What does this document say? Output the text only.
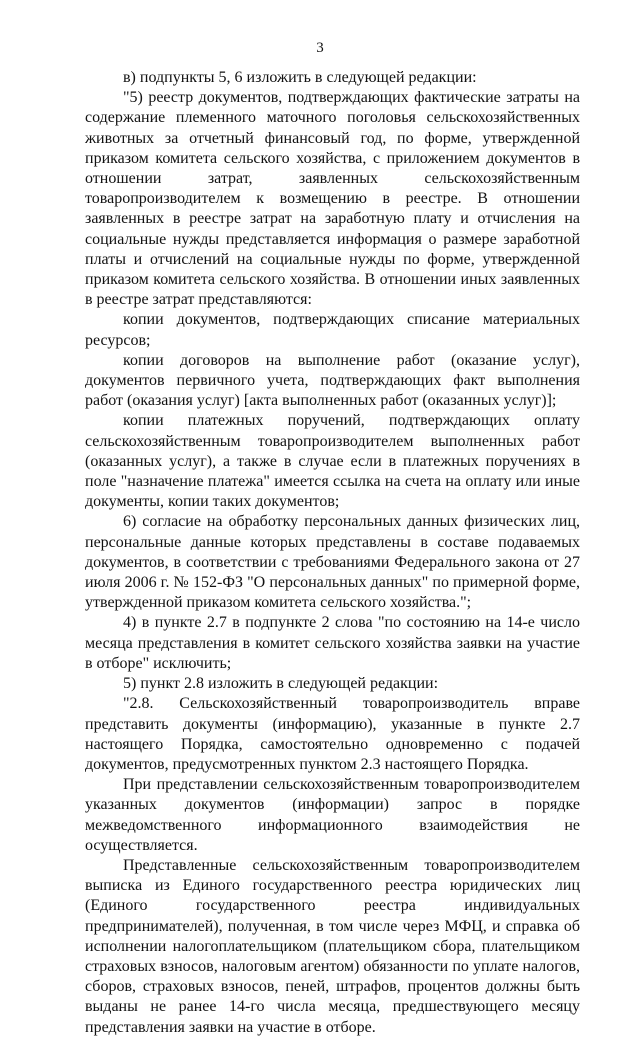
3

в) подпункты 5, 6 изложить в следующей редакции:

"5) реестр документов, подтверждающих фактические затраты на содержание племенного маточного поголовья сельскохозяйственных животных за отчетный финансовый год, по форме, утвержденной приказом комитета сельского хозяйства, с приложением документов в отношении затрат, заявленных сельскохозяйственным товаропроизводителем к возмещению в реестре. В отношении заявленных в реестре затрат на заработную плату и отчисления на социальные нужды представляется информация о размере заработной платы и отчислений на социальные нужды по форме, утвержденной приказом комитета сельского хозяйства. В отношении иных заявленных в реестре затрат представляются:

копии документов, подтверждающих списание материальных ресурсов;

копии договоров на выполнение работ (оказание услуг), документов первичного учета, подтверждающих факт выполнения работ (оказания услуг) [акта выполненных работ (оказанных услуг)];

копии платежных поручений, подтверждающих оплату сельскохозяйственным товаропроизводителем выполненных работ (оказанных услуг), а также в случае если в платежных поручениях в поле "назначение платежа" имеется ссылка на счета на оплату или иные документы, копии таких документов;

6) согласие на обработку персональных данных физических лиц, персональные данные которых представлены в составе подаваемых документов, в соответствии с требованиями Федерального закона от 27 июля 2006 г. № 152-ФЗ "О персональных данных" по примерной форме, утвержденной приказом комитета сельского хозяйства.";

4) в пункте 2.7 в подпункте 2 слова "по состоянию на 14-е число месяца представления в комитет сельского хозяйства заявки на участие в отборе" исключить;

5) пункт 2.8 изложить в следующей редакции:

"2.8. Сельскохозяйственный товаропроизводитель вправе представить документы (информацию), указанные в пункте 2.7 настоящего Порядка, самостоятельно одновременно с подачей документов, предусмотренных пунктом 2.3 настоящего Порядка.

При представлении сельскохозяйственным товаропроизводителем указанных документов (информации) запрос в порядке межведомственного информационного взаимодействия не осуществляется.

Представленные сельскохозяйственным товаропроизводителем выписка из Единого государственного реестра юридических лиц (Единого государственного реестра индивидуальных предпринимателей), полученная, в том числе через МФЦ, и справка об исполнении налогоплательщиком (плательщиком сбора, плательщиком страховых взносов, налоговым агентом) обязанности по уплате налогов, сборов, страховых взносов, пеней, штрафов, процентов должны быть выданы не ранее 14-го числа месяца, предшествующего месяцу представления заявки на участие в отборе.
